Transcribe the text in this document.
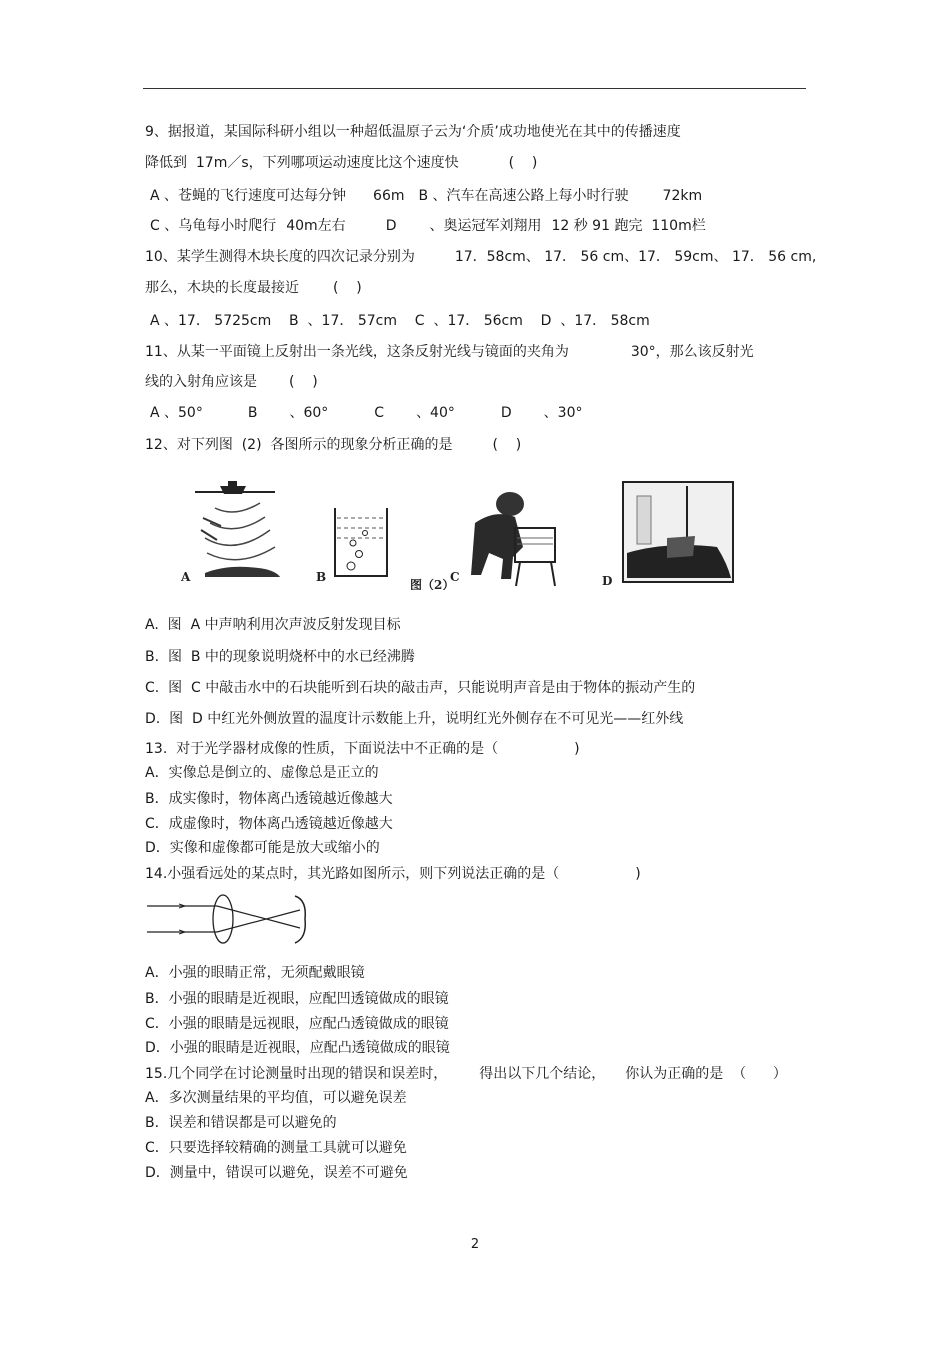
9、据报道，某国际科研小组以一种超低温原子云为‘介质’成功地使光在其中的传播速度
降低到  17m／s，下列哪项运动速度比这个速度快	(    )
A 、苍蝇的飞行速度可达每分钟 66m B 、汽车在高速公路上每小时行驶 72km
C 、乌龟每小时爬行 40m左右	D 、奥运冠军刘翔用 12 秒 91 跑完  110m栏
10、某学生测得木块长度的四次记录分别为	17．58cm、 17． 56 cm、17． 59cm、 17． 56 cm,
那么，木块的长度最接近 (    )
A 、17． 5725cm    B  、17． 57cm    C  、17． 56cm    D  、17． 58cm
11、从某一平面镜上反射出一条光线，这条反射光线与镜面的夹角为	30°，那么该反射光
线的入射角应该是 (    )
A 、50°	B 、60°	C 、40°	D 、30°
12、对下列图  (2)  各图所示的现象分析正确的是	(    )
A	B	C
图（2）	D
A.  图  A 中声呐利用次声波反射发现目标
B.  图  B 中的现象说明烧杯中的水已经沸腾
C.  图  C 中敲击水中的石块能听到石块的敲击声，只能说明声音是由于物体的振动产生的
D.  图  D 中红光外侧放置的温度计示数能上升，说明红光外侧存在不可见光——红外线
13.  对于光学器材成像的性质，下面说法中不正确的是（	)
A．实像总是倒立的、虚像总是正立的
B．成实像时，物体离凸透镜越近像越大
C．成虚像时，物体离凸透镜越近像越大
D．实像和虚像都可能是放大或缩小的
14.小强看远处的某点时，其光路如图所示，则下列说法正确的是（	)
A．小强的眼睛正常，无须配戴眼镜
B．小强的眼睛是近视眼，应配凹透镜做成的眼镜
C．小强的眼睛是远视眼，应配凸透镜做成的眼镜
D．小强的眼睛是近视眼，应配凸透镜做成的眼镜
15.几个同学在讨论测量时出现的错误和误差时， 得出以下几个结论， 你认为正确的是  （      ）
A．多次测量结果的平均值，可以避免误差
B．误差和错误都是可以避免的
C．只要选择较精确的测量工具就可以避免
D．测量中，错误可以避免，误差不可避免
2
